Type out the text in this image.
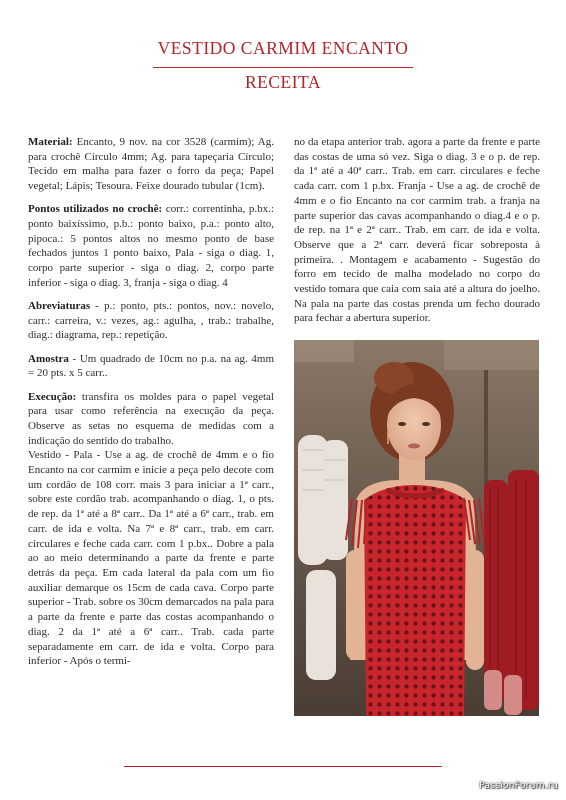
VESTIDO CARMIM ENCANTO
RECEITA

Material: Encanto, 9 nov. na cor 3528 (carmim); Ag. para crochê Círculo 4mm; Ag. para tapeçaria Círculo; Tecido em malha para fazer o forro da peça; Papel vegetal; Lápis; Tesoura. Feixe dourado tubular (1cm).

Pontos utilizados no crochê: corr.: correntinha, p.bx.: ponto baixíssimo, p.b.: ponto baixo, p.a.: ponto alto, pipoca.: 5 pontos altos no mesmo ponto de base fechados juntos 1 ponto baixo, Pala - siga o diag. 1, corpo parte superior - siga o diag. 2, corpo parte inferior - siga o diag. 3, franja - siga o diag. 4

Abreviaturas - p.: ponto, pts.: pontos, nov.: novelo, carr.: carreira, v.: vezes, ag.: agulha, , trab.: trabalhe, diag.: diagrama, rep.: repetição.

Amostra - Um quadrado de 10cm no p.a. na ag. 4mm = 20 pts. x 5 carr..

Execução: transfira os moldes para o papel vegetal para usar como referência na execução da peça. Observe as setas no esquema de medidas com a indicação do sentido do trabalho.

Vestido - Pala - Use a ag. de crochê de 4mm e o fio Encanto na cor carmim e inicie a peça pelo decote com um cordão de 108 corr. mais 3 para iniciar a 1ª carr., sobre este cordão trab. acompanhando o diag. 1, o pts. de rep. da 1ª até a 8ª carr.. Da 1ª até a 6ª carr., trab. em carr. de ida e volta. Na 7ª e 8ª carr., trab. em carr. circulares e feche cada carr. com 1 p.bx.. Dobre a pala ao ao meio determinando a parte da frente e parte detrás da peça. Em cada lateral da pala com um fio auxiliar demarque os 15cm de cada cava. Corpo parte superior - Trab. sobre os 30cm demarcados na pala para a parte da frente e parte das costas acompanhando o diag. 2 da 1ª até a 6ª carr.. Trab. cada parte separadamente em carr. de ida e volta. Corpo para inferior - Após o termi-

no da etapa anterior trab. agora a parte da frente e parte das costas de uma só vez. Siga o diag. 3 e o p. de rep. da 1ª até a 40ª carr.. Trab. em carr. circulares e feche cada carr. com 1 p.bx. Franja - Use a ag. de crochê de 4mm e o fio Encanto na cor carmim trab. a franja na parte superior das cavas acompanhando o diag.4 e o p. de rep. na 1ª e 2ª carr.. Trab. em carr. de ida e volta. Observe que a 2ª carr. deverá ficar sobreposta à primeira. . Montagem e acabamento - Sugestão do forro em tecido de malha modelado no corpo do vestido tomara que caia com saia até a altura do joelho. Na pala na parte das costas prenda um fecho dourado para fechar a abertura superior.

PassionForum.ru
